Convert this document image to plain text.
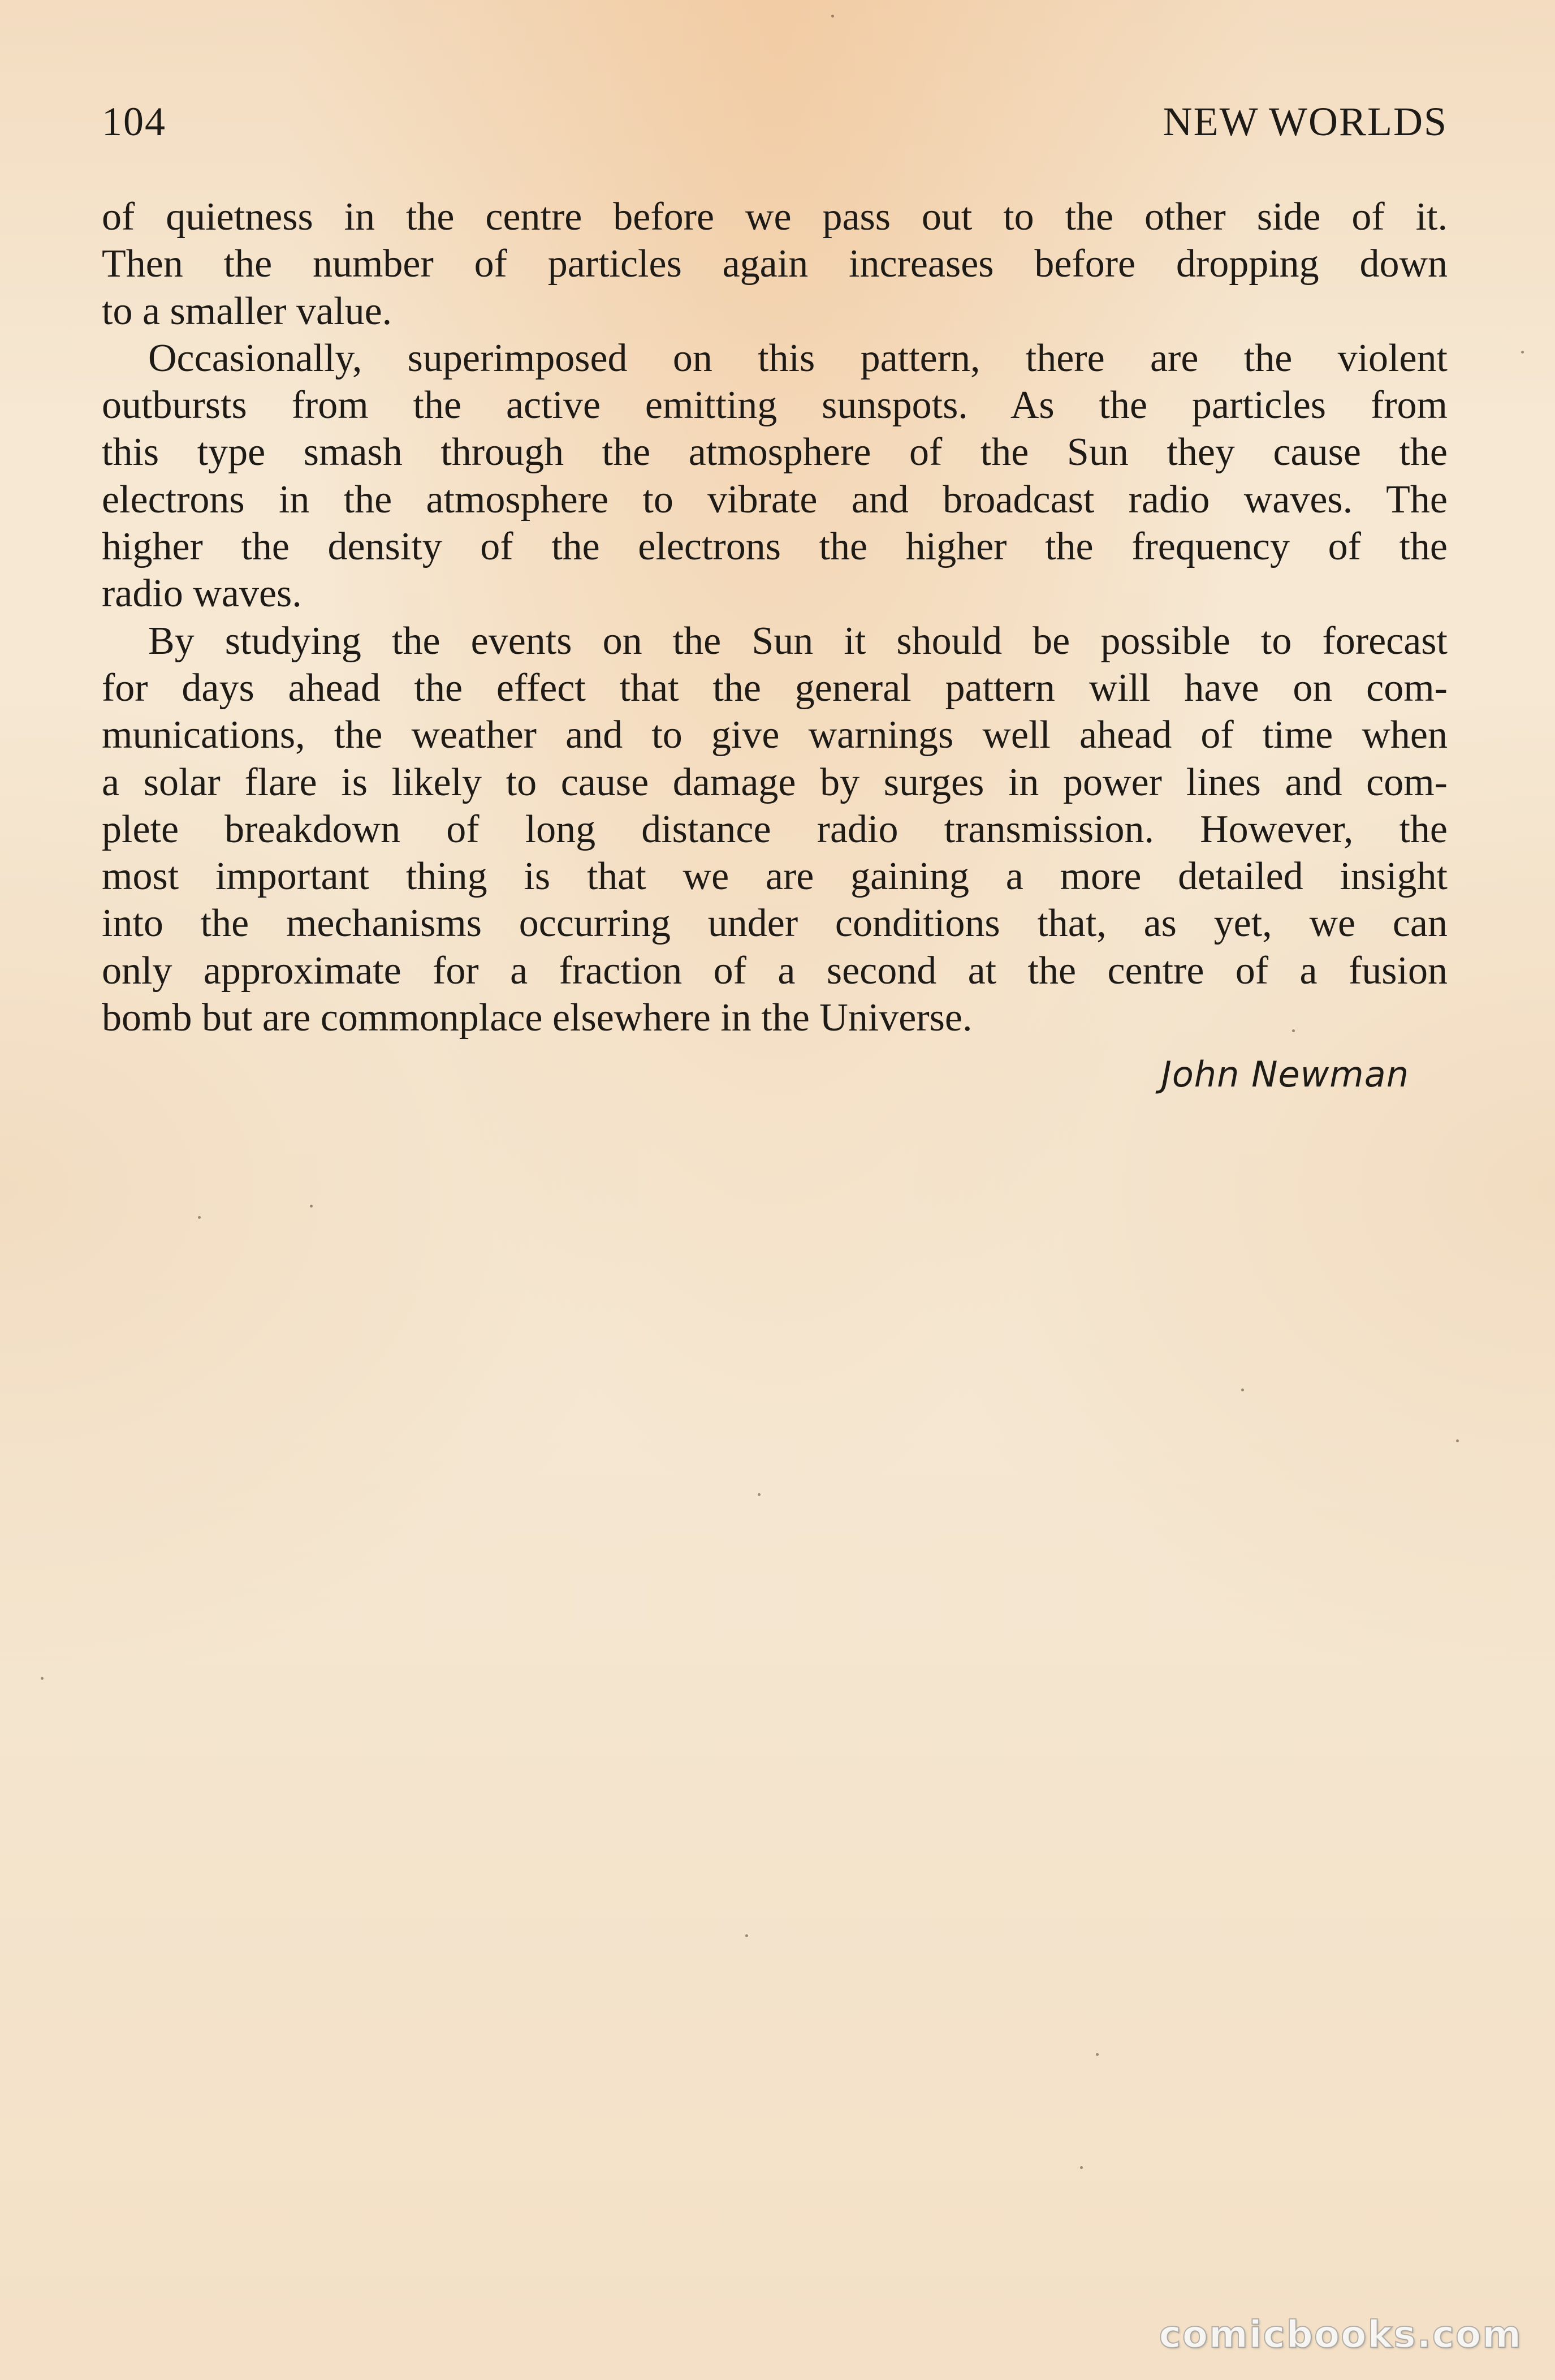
104	NEW WORLDS

of quietness in the centre before we pass out to the other side of it.
Then the number of particles again increases before dropping down
to a smaller value.

Occasionally, superimposed on this pattern, there are the violent
outbursts from the active emitting sunspots. As the particles from
this type smash through the atmosphere of the Sun they cause the
electrons in the atmosphere to vibrate and broadcast radio waves. The
higher the density of the electrons the higher the frequency of the
radio waves.

By studying the events on the Sun it should be possible to forecast
for days ahead the effect that the general pattern will have on com-
munications, the weather and to give warnings well ahead of time when
a solar flare is likely to cause damage by surges in power lines and com-
plete breakdown of long distance radio transmission. However, the
most important thing is that we are gaining a more detailed insight
into the mechanisms occurring under conditions that, as yet, we can
only approximate for a fraction of a second at the centre of a fusion
bomb but are commonplace elsewhere in the Universe.

John Newman
comicbooks.com
